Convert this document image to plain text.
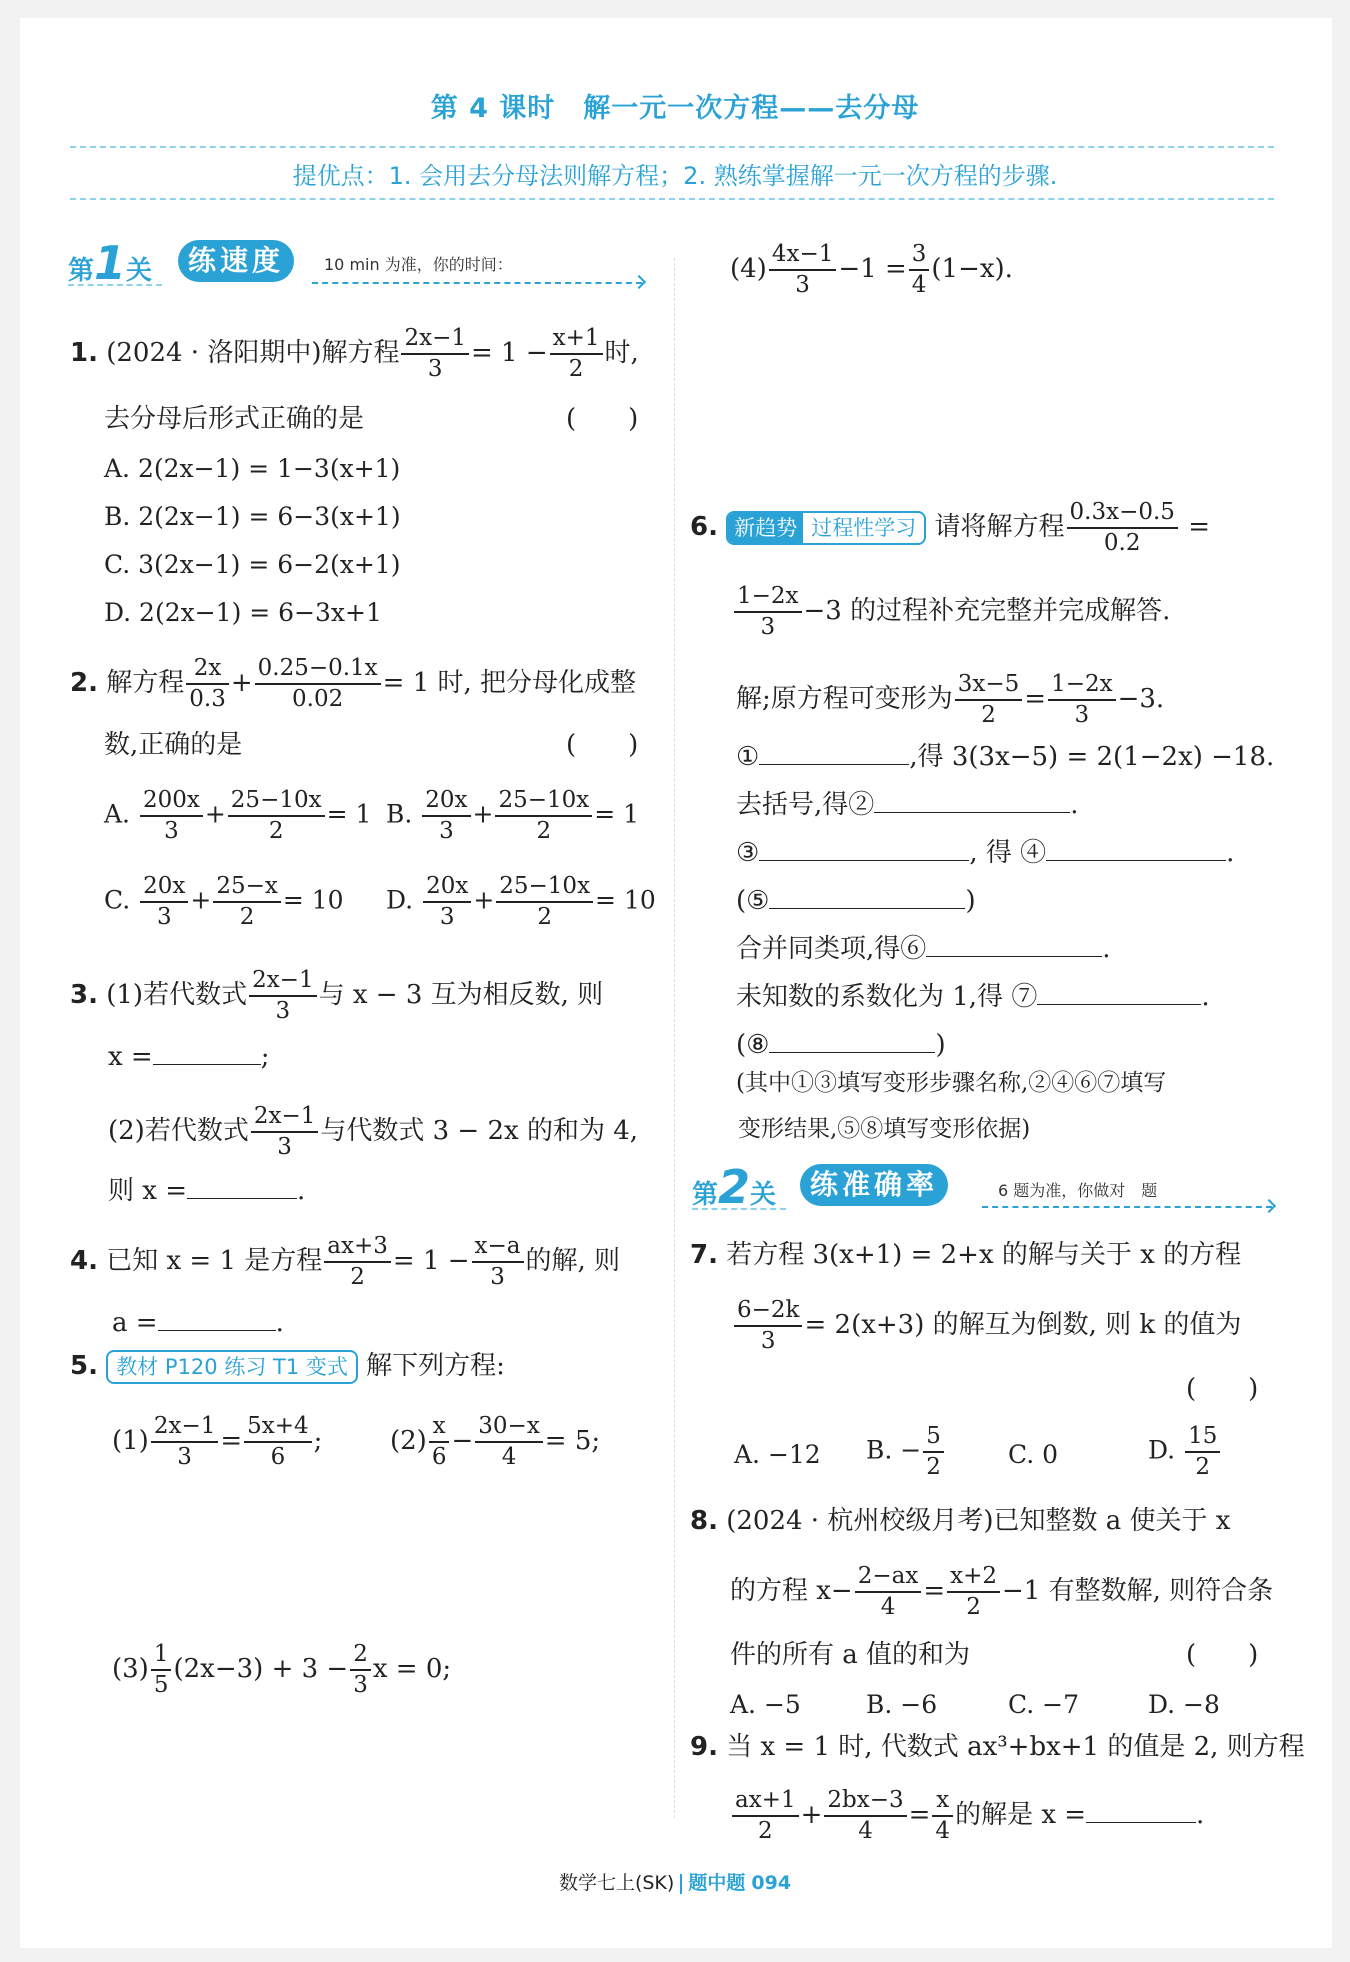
第 4 课时　解一元一次方程——去分母
提优点：1. 会用去分母法则解方程；2. 熟练掌握解一元一次方程的步骤.
第1关	练速度	10 min 为准，你的时间：
1. (2024 · 洛阳期中)解方程 $\frac{2x-1}{3} = 1 - \frac{x+1}{2}$ 时,
去分母后形式正确的是	(　　)
A. 2(2x−1) = 1−3(x+1)
B. 2(2x−1) = 6−3(x+1)
C. 3(2x−1) = 6−2(x+1)
D. 2(2x−1) = 6−3x+1
2. 解方程 $\frac{2x}{0.3} + \frac{0.25-0.1x}{0.02} = 1$ 时, 把分母化成整
数,正确的是	(　　)
A. $\frac{200x}{3} + \frac{25-10x}{2} = 1$ B. $\frac{20x}{3} + \frac{25-10x}{2} = 1$
C. $\frac{20x}{3} + \frac{25-x}{2} = 10$ D. $\frac{20x}{3} + \frac{25-10x}{2} = 10$
3. (1)若代数式 $\frac{2x-1}{3}$ 与 x − 3 互为相反数, 则
x =	;
(2)若代数式 $\frac{2x-1}{3}$ 与代数式 3 − 2x 的和为 4,
则 x =	.
4. 已知 x = 1 是方程 $\frac{ax+3}{2} = 1 - \frac{x-a}{3}$ 的解, 则
a =	.
5. 教材 P120 练习 T1 变式 解下列方程:
$(1) \frac{2x-1}{3} = \frac{5x+4}{6}$ ;	$(2) \frac{x}{6} - \frac{30-x}{4} = 5$;
$(3) \frac{1}{5} (2x-3) + 3 - \frac{2}{3}$ x = 0;
$(4) \frac{4x-1}{3} -1 = \frac{3}{4} (1-x)$.
6. 新趋势 过程性学习 请将解方程 $\frac{0.3x-0.5}{0.2}$ =
$\frac{1-2x}{3} -3$ 的过程补充完整并完成解答.
解;原方程可变形为 $\frac{3x-5}{2} = \frac{1-2x}{3} -3$.
①	,得 3(3x−5) = 2(1−2x) −18.
去括号,得②	.
③	, 得 ④	.
(⑤	)
合并同类项,得⑥	.
未知数的系数化为 1,得 ⑦	.
(⑧	)
(其中①③填写变形步骤名称,②④⑥⑦填写
变形结果,⑤⑧填写变形依据)
第2关	练准确率	6 题为准，你做对　题
7. 若方程 3(x+1) = 2+x 的解与关于 x 的方程
$\frac{6-2k}{3} = 2(x+3)$ 的解互为倒数, 则 k 的值为
(　　)
A. −12 B. − $\frac{5}{2}$	C. 0	D. $\frac{15}{2}$
8. (2024 · 杭州校级月考)已知整数 a 使关于 x
的方程 $x- \frac{2-ax}{4} = \frac{x+2}{2} -1$ 有整数解, 则符合条
件的所有 a 值的和为	(　　)
A. −5	B. −6	C. −7	D. −8
9. 当 x = 1 时, 代数式 ax³+bx+1 的值是 2, 则方程
$\frac{ax+1}{2} + \frac{2bx-3}{4} = \frac{x}{4}$ 的解是 x =	.
数学七上(SK) 题中题 094
